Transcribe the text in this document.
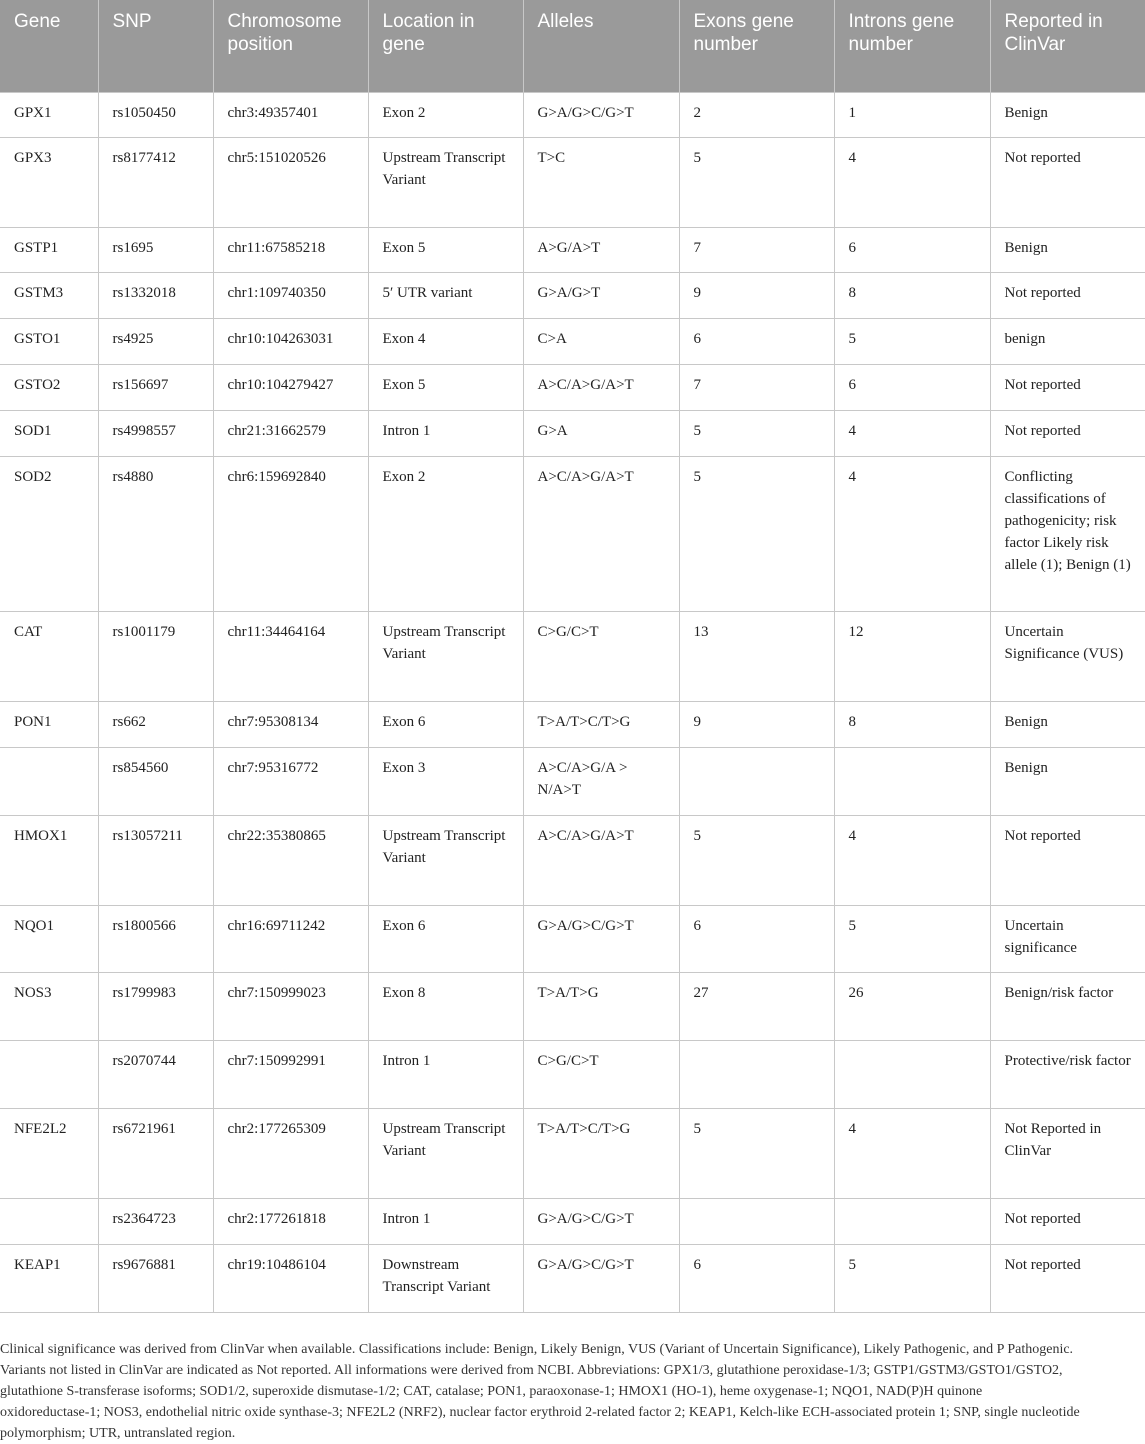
Gene	SNP	Chromosome position	Location in gene	Alleles	Exons gene number	Introns gene number	Reported in ClinVar
GPX1	rs1050450	chr3:49357401	Exon 2	G>A/G>C/G>T	2	1	Benign
GPX3	rs8177412	chr5:151020526	Upstream Transcript Variant	T>C	5	4	Not reported
GSTP1	rs1695	chr11:67585218	Exon 5	A>G/A>T	7	6	Benign
GSTM3	rs1332018	chr1:109740350	5′ UTR variant	G>A/G>T	9	8	Not reported
GSTO1	rs4925	chr10:104263031	Exon 4	C>A	6	5	benign
GSTO2	rs156697	chr10:104279427	Exon 5	A>C/A>G/A>T	7	6	Not reported
SOD1	rs4998557	chr21:31662579	Intron 1	G>A	5	4	Not reported
SOD2	rs4880	chr6:159692840	Exon 2	A>C/A>G/A>T	5	4	Conflicting classifications of pathogenicity; risk factor Likely risk allele (1); Benign (1)
CAT	rs1001179	chr11:34464164	Upstream Transcript Variant	C>G/C>T	13	12	Uncertain Significance (VUS)
PON1	rs662	chr7:95308134	Exon 6	T>A/T>C/T>G	9	8	Benign
	rs854560	chr7:95316772	Exon 3	A>C/A>G/A > N/A>T			Benign
HMOX1	rs13057211	chr22:35380865	Upstream Transcript Variant	A>C/A>G/A>T	5	4	Not reported
NQO1	rs1800566	chr16:69711242	Exon 6	G>A/G>C/G>T	6	5	Uncertain significance
NOS3	rs1799983	chr7:150999023	Exon 8	T>A/T>G	27	26	Benign/risk factor
	rs2070744	chr7:150992991	Intron 1	C>G/C>T			Protective/risk factor
NFE2L2	rs6721961	chr2:177265309	Upstream Transcript Variant	T>A/T>C/T>G	5	4	Not Reported in ClinVar
	rs2364723	chr2:177261818	Intron 1	G>A/G>C/G>T			Not reported
KEAP1	rs9676881	chr19:10486104	Downstream Transcript Variant	G>A/G>C/G>T	6	5	Not reported
Clinical significance was derived from ClinVar when available. Classifications include: Benign, Likely Benign, VUS (Variant of Uncertain Significance), Likely Pathogenic, and P Pathogenic.
Variants not listed in ClinVar are indicated as Not reported. All informations were derived from NCBI. Abbreviations: GPX1/3, glutathione peroxidase-1/3; GSTP1/GSTM3/GSTO1/GSTO2,
glutathione S-transferase isoforms; SOD1/2, superoxide dismutase-1/2; CAT, catalase; PON1, paraoxonase-1; HMOX1 (HO-1), heme oxygenase-1; NQO1, NAD(P)H quinone
oxidoreductase-1; NOS3, endothelial nitric oxide synthase-3; NFE2L2 (NRF2), nuclear factor erythroid 2-related factor 2; KEAP1, Kelch-like ECH-associated protein 1; SNP, single nucleotide
polymorphism; UTR, untranslated region.
